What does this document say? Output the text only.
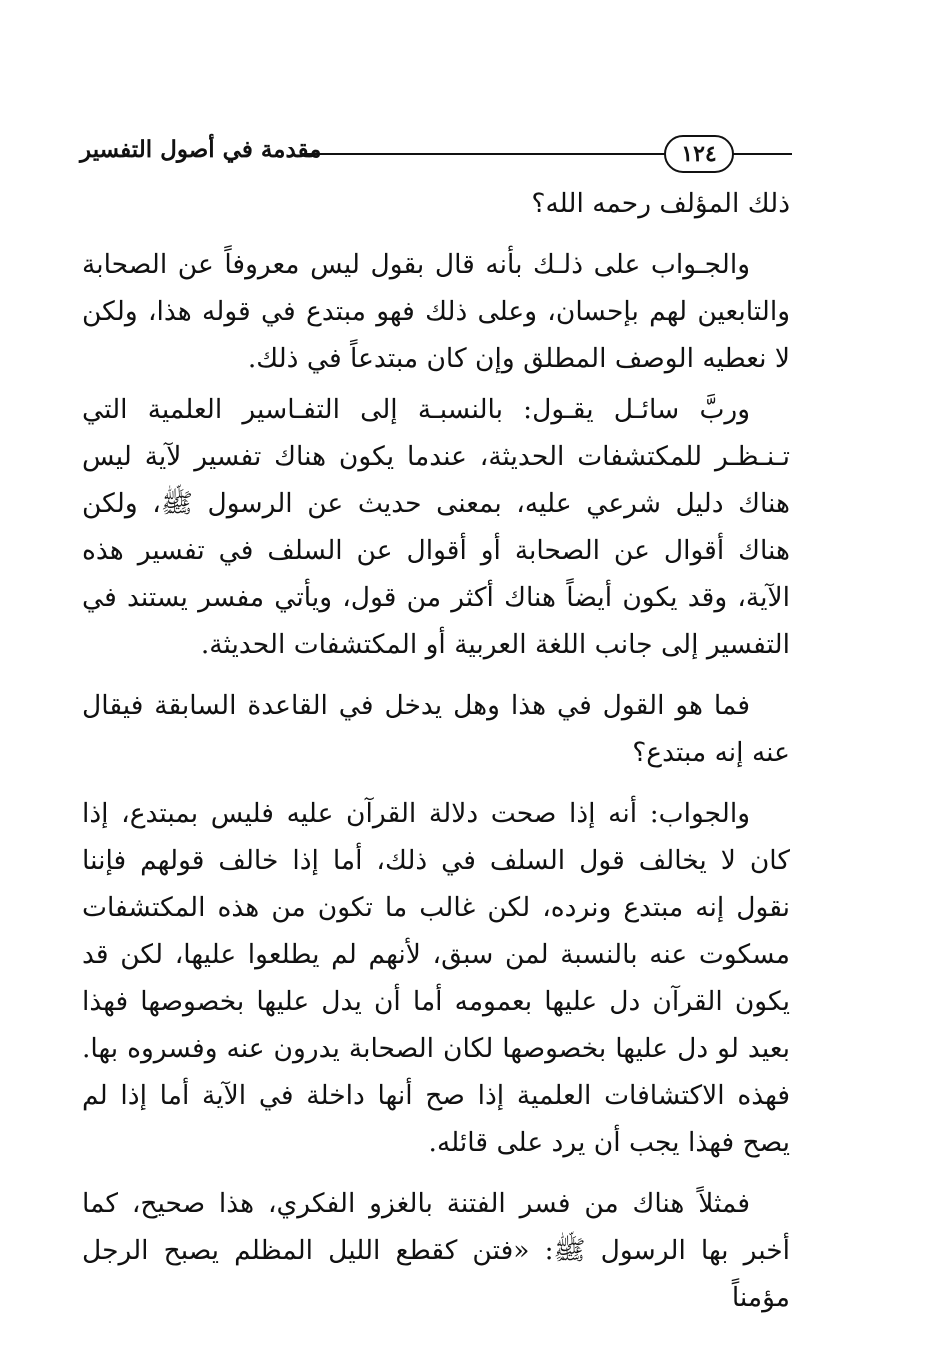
مقدمة في أصول التفسير	١٢٤

ذلك المؤلف رحمه الله؟

والجـواب على ذلـك بأنه قال بقول ليس معروفاً عن الصحابة والتابعين لهم بإحسان، وعلى ذلك فهو مبتدع في قوله هذا، ولكن لا نعطيه الوصف المطلق وإن كان مبتدعاً في ذلك.

وربَّ سائـل يقـول: بالنسبـة إلى التفـاسير العلمية التي تـنـظـر للمكتشفات الحديثة، عندما يكون هناك تفسير لآية ليس هناك دليل شرعي عليه، بمعنى حديث عن الرسول ﷺ، ولكن هناك أقوال عن الصحابة أو أقوال عن السلف في تفسير هذه الآية، وقد يكون أيضاً هناك أكثر من قول، ويأتي مفسر يستند في التفسير إلى جانب اللغة العربية أو المكتشفات الحديثة.

فما هو القول في هذا وهل يدخل في القاعدة السابقة فيقال عنه إنه مبتدع؟

والجواب: أنه إذا صحت دلالة القرآن عليه فليس بمبتدع، إذا كان لا يخالف قول السلف في ذلك، أما إذا خالف قولهم فإننا نقول إنه مبتدع ونرده، لكن غالب ما تكون من هذه المكتشفات مسكوت عنه بالنسبة لمن سبق، لأنهم لم يطلعوا عليها، لكن قد يكون القرآن دل عليها بعمومه أما أن يدل عليها بخصوصها فهذا بعيد لو دل عليها بخصوصها لكان الصحابة يدرون عنه وفسروه بها. فهذه الاكتشافات العلمية إذا صح أنها داخلة في الآية أما إذا لم يصح فهذا يجب أن يرد على قائله.

فمثلاً هناك من فسر الفتنة بالغزو الفكري، هذا صحيح، كما أخبر بها الرسول ﷺ: «فتن كقطع الليل المظلم يصبح الرجل مؤمناً
